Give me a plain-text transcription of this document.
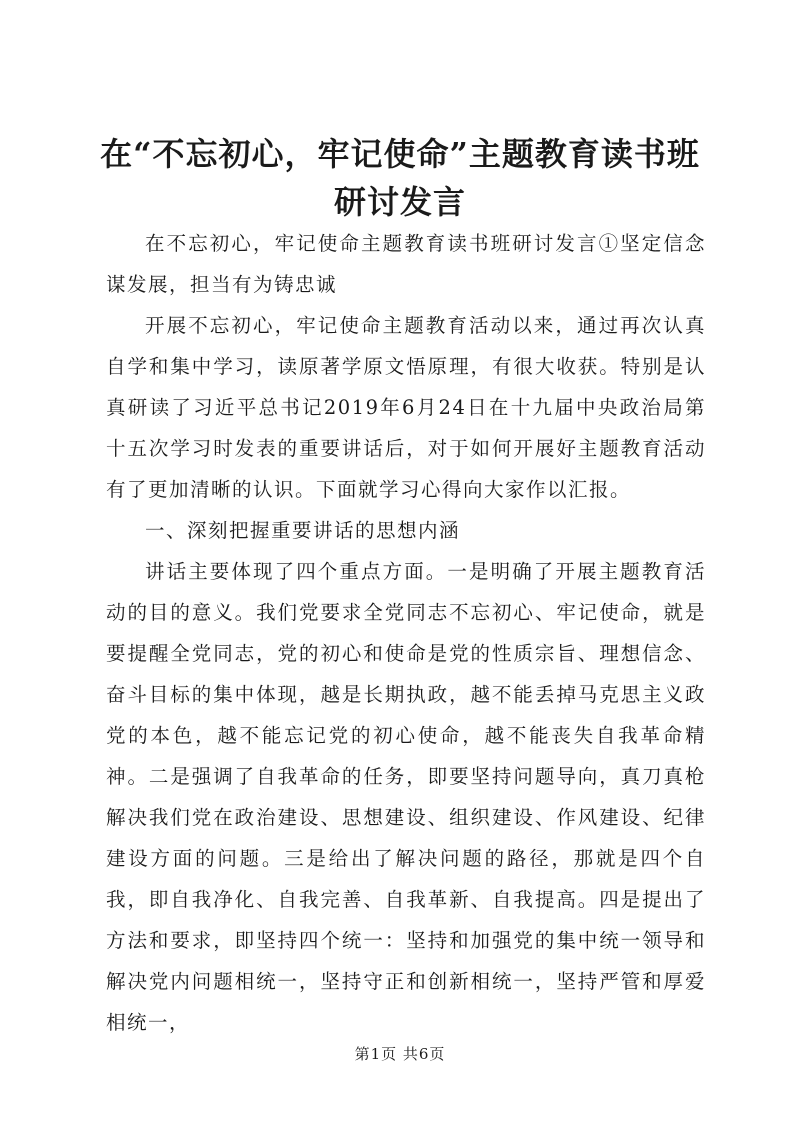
在“不忘初心，牢记使命”主题教育读书班研讨发言

在不忘初心，牢记使命主题教育读书班研讨发言①坚定信念谋发展，担当有为铸忠诚

开展不忘初心，牢记使命主题教育活动以来，通过再次认真自学和集中学习，读原著学原文悟原理，有很大收获。特别是认真研读了习近平总书记2019年6月24日在十九届中央政治局第十五次学习时发表的重要讲话后，对于如何开展好主题教育活动有了更加清晰的认识。下面就学习心得向大家作以汇报。

一、深刻把握重要讲话的思想内涵

讲话主要体现了四个重点方面。一是明确了开展主题教育活动的目的意义。我们党要求全党同志不忘初心、牢记使命，就是要提醒全党同志，党的初心和使命是党的性质宗旨、理想信念、奋斗目标的集中体现，越是长期执政，越不能丢掉马克思主义政党的本色，越不能忘记党的初心使命，越不能丧失自我革命精神。二是强调了自我革命的任务，即要坚持问题导向，真刀真枪解决我们党在政治建设、思想建设、组织建设、作风建设、纪律建设方面的问题。三是给出了解决问题的路径，那就是四个自我，即自我净化、自我完善、自我革新、自我提高。四是提出了方法和要求，即坚持四个统一：坚持和加强党的集中统一领导和解决党内问题相统一，坚持守正和创新相统一，坚持严管和厚爱相统一，

第1页 共6页
